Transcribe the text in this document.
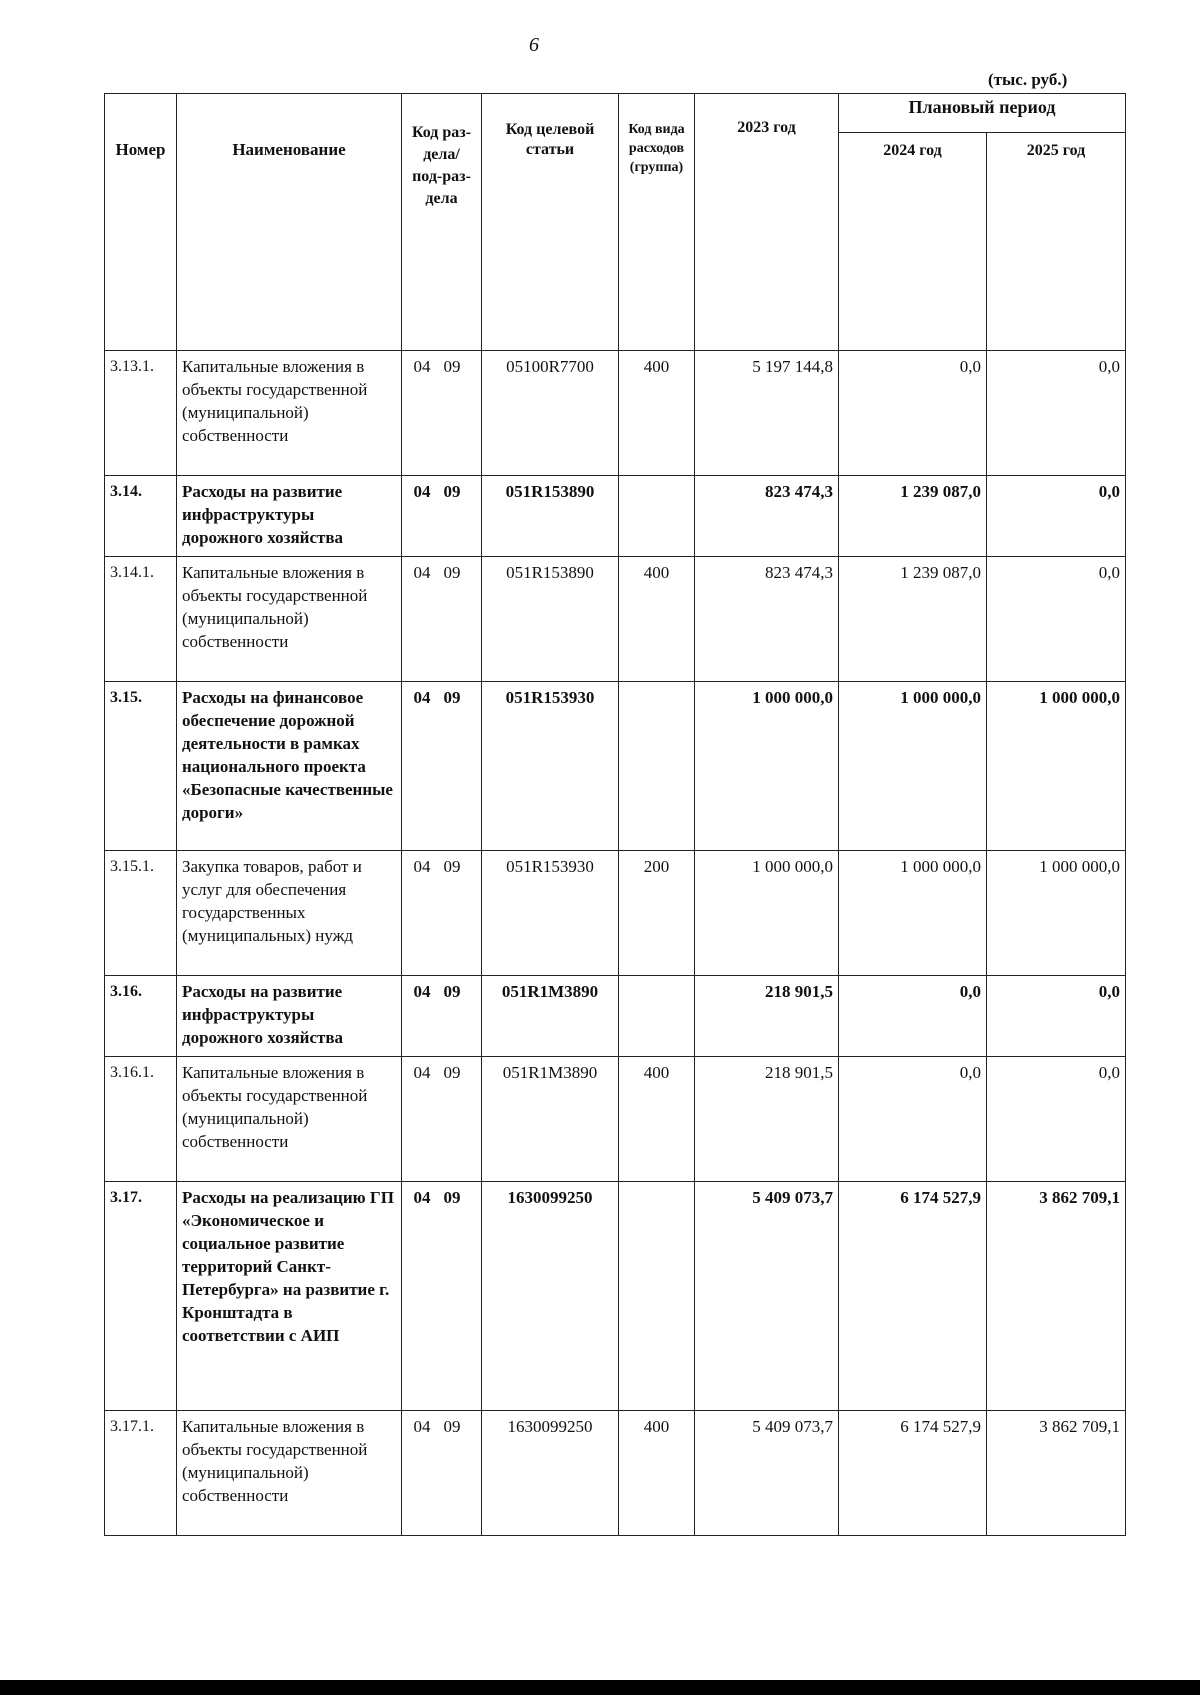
6
(тыс. руб.)
Номер	Наименование	Код раз-дела/ под-раз-дела	Код целевой статьи	Код вида расходов (группа)	2023 год	Плановый период	
						2024 год	2025 год
3.13.1.	Капитальные вложения в объекты государственной (муниципальной) собственности	04 09	05100R7700	400	5 197 144,8	0,0	0,0
3.14.	Расходы на развитие инфраструктуры дорожного хозяйства	04 09	051R153890		823 474,3	1 239 087,0	0,0
3.14.1.	Капитальные вложения в объекты государственной (муниципальной) собственности	04 09	051R153890	400	823 474,3	1 239 087,0	0,0
3.15.	Расходы на финансовое обеспечение дорожной деятельности в рамках национального проекта «Безопасные качественные дороги»	04 09	051R153930		1 000 000,0	1 000 000,0	1 000 000,0
3.15.1.	Закупка товаров, работ и услуг для обеспечения государственных (муниципальных) нужд	04 09	051R153930	200	1 000 000,0	1 000 000,0	1 000 000,0
3.16.	Расходы на развитие инфраструктуры дорожного хозяйства	04 09	051R1M3890		218 901,5	0,0	0,0
3.16.1.	Капитальные вложения в объекты государственной (муниципальной) собственности	04 09	051R1M3890	400	218 901,5	0,0	0,0
3.17.	Расходы на реализацию ГП «Экономическое и социальное развитие территорий Санкт-Петербурга» на развитие г. Кронштадта в соответствии с АИП	04 09	1630099250		5 409 073,7	6 174 527,9	3 862 709,1
3.17.1.	Капитальные вложения в объекты государственной (муниципальной) собственности	04 09	1630099250	400	5 409 073,7	6 174 527,9	3 862 709,1
